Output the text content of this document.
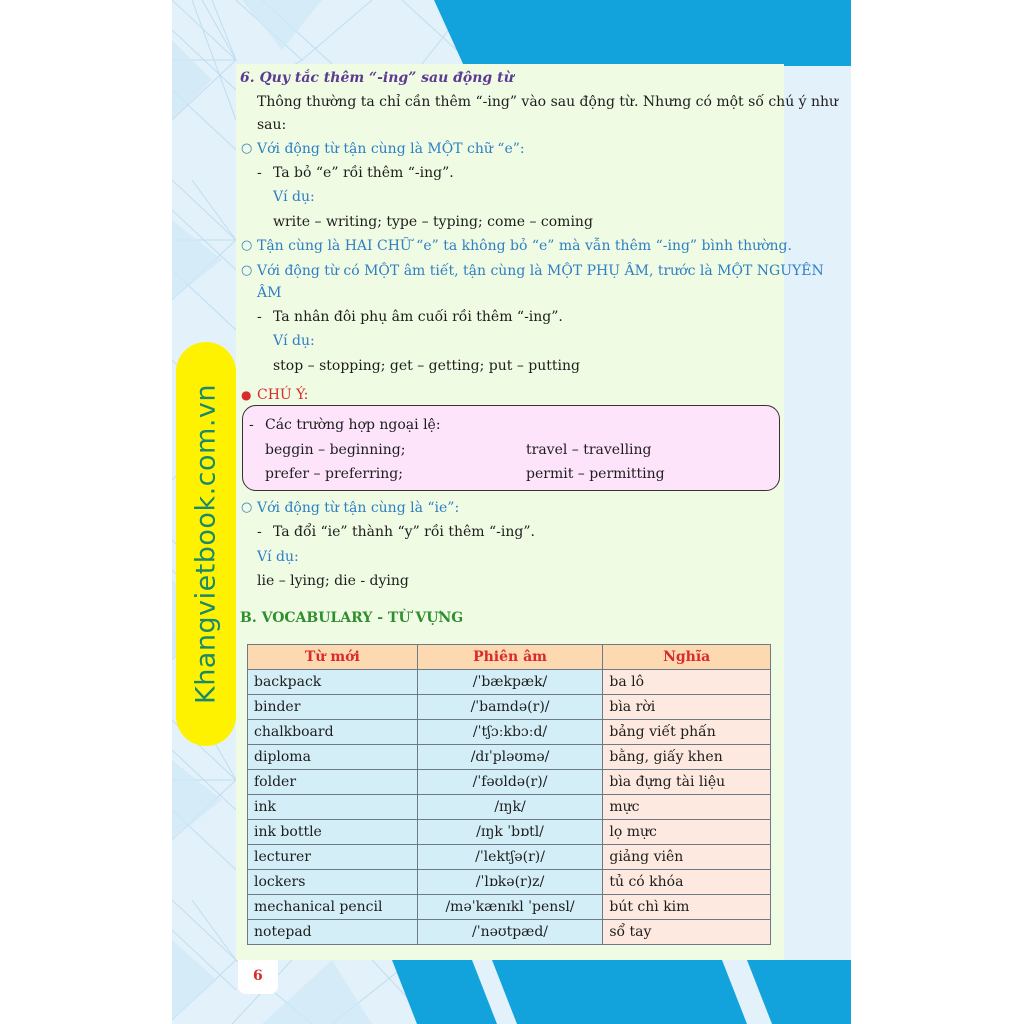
Khangvietbook.com.vn
6. Quy tắc thêm “-ing” sau động từ
Thông thường ta chỉ cần thêm “-ing” vào sau động từ. Nhưng có một số chú ý như
sau:
○ Với động từ tận cùng là MỘT chữ “e”:
- Ta bỏ “e” rồi thêm “-ing”.
Ví dụ:
write – writing; type – typing; come – coming
○ Tận cùng là HAI CHỮ “e” ta không bỏ “e” mà vẫn thêm “-ing” bình thường.
○ Với động từ có MỘT âm tiết, tận cùng là MỘT PHỤ ÂM, trước là MỘT NGUYÊN
ÂM
- Ta nhân đôi phụ âm cuối rồi thêm “-ing”.
Ví dụ:
stop – stopping; get – getting; put – putting
● CHÚ Ý:
- Các trường hợp ngoại lệ:
beggin – beginning;	travel – travelling
prefer – preferring;	permit – permitting
○ Với động từ tận cùng là “ie”:
- Ta đổi “ie” thành “y” rồi thêm “-ing”.
Ví dụ:
lie – lying; die - dying
B. VOCABULARY - TỪ VỰNG
Từ mới	Phiên âm	Nghĩa
backpack	/ˈbækpæk/	ba lô
binder	/ˈbaɪndə(r)/	bìa rời
chalkboard	/ˈtʃɔːkbɔːd/	bảng viết phấn
diploma	/dɪˈpləʊmə/	bằng, giấy khen
folder	/ˈfəʊldə(r)/	bìa đựng tài liệu
ink	/ɪŋk/	mực
ink bottle	/ɪŋk ˈbɒtl/	lọ mực
lecturer	/ˈlektʃə(r)/	giảng viên
lockers	/ˈlɒkə(r)z/	tủ có khóa
mechanical pencil	/məˈkænɪkl ˈpensl/	bút chì kim
notepad	/ˈnəʊtpæd/	sổ tay
6
